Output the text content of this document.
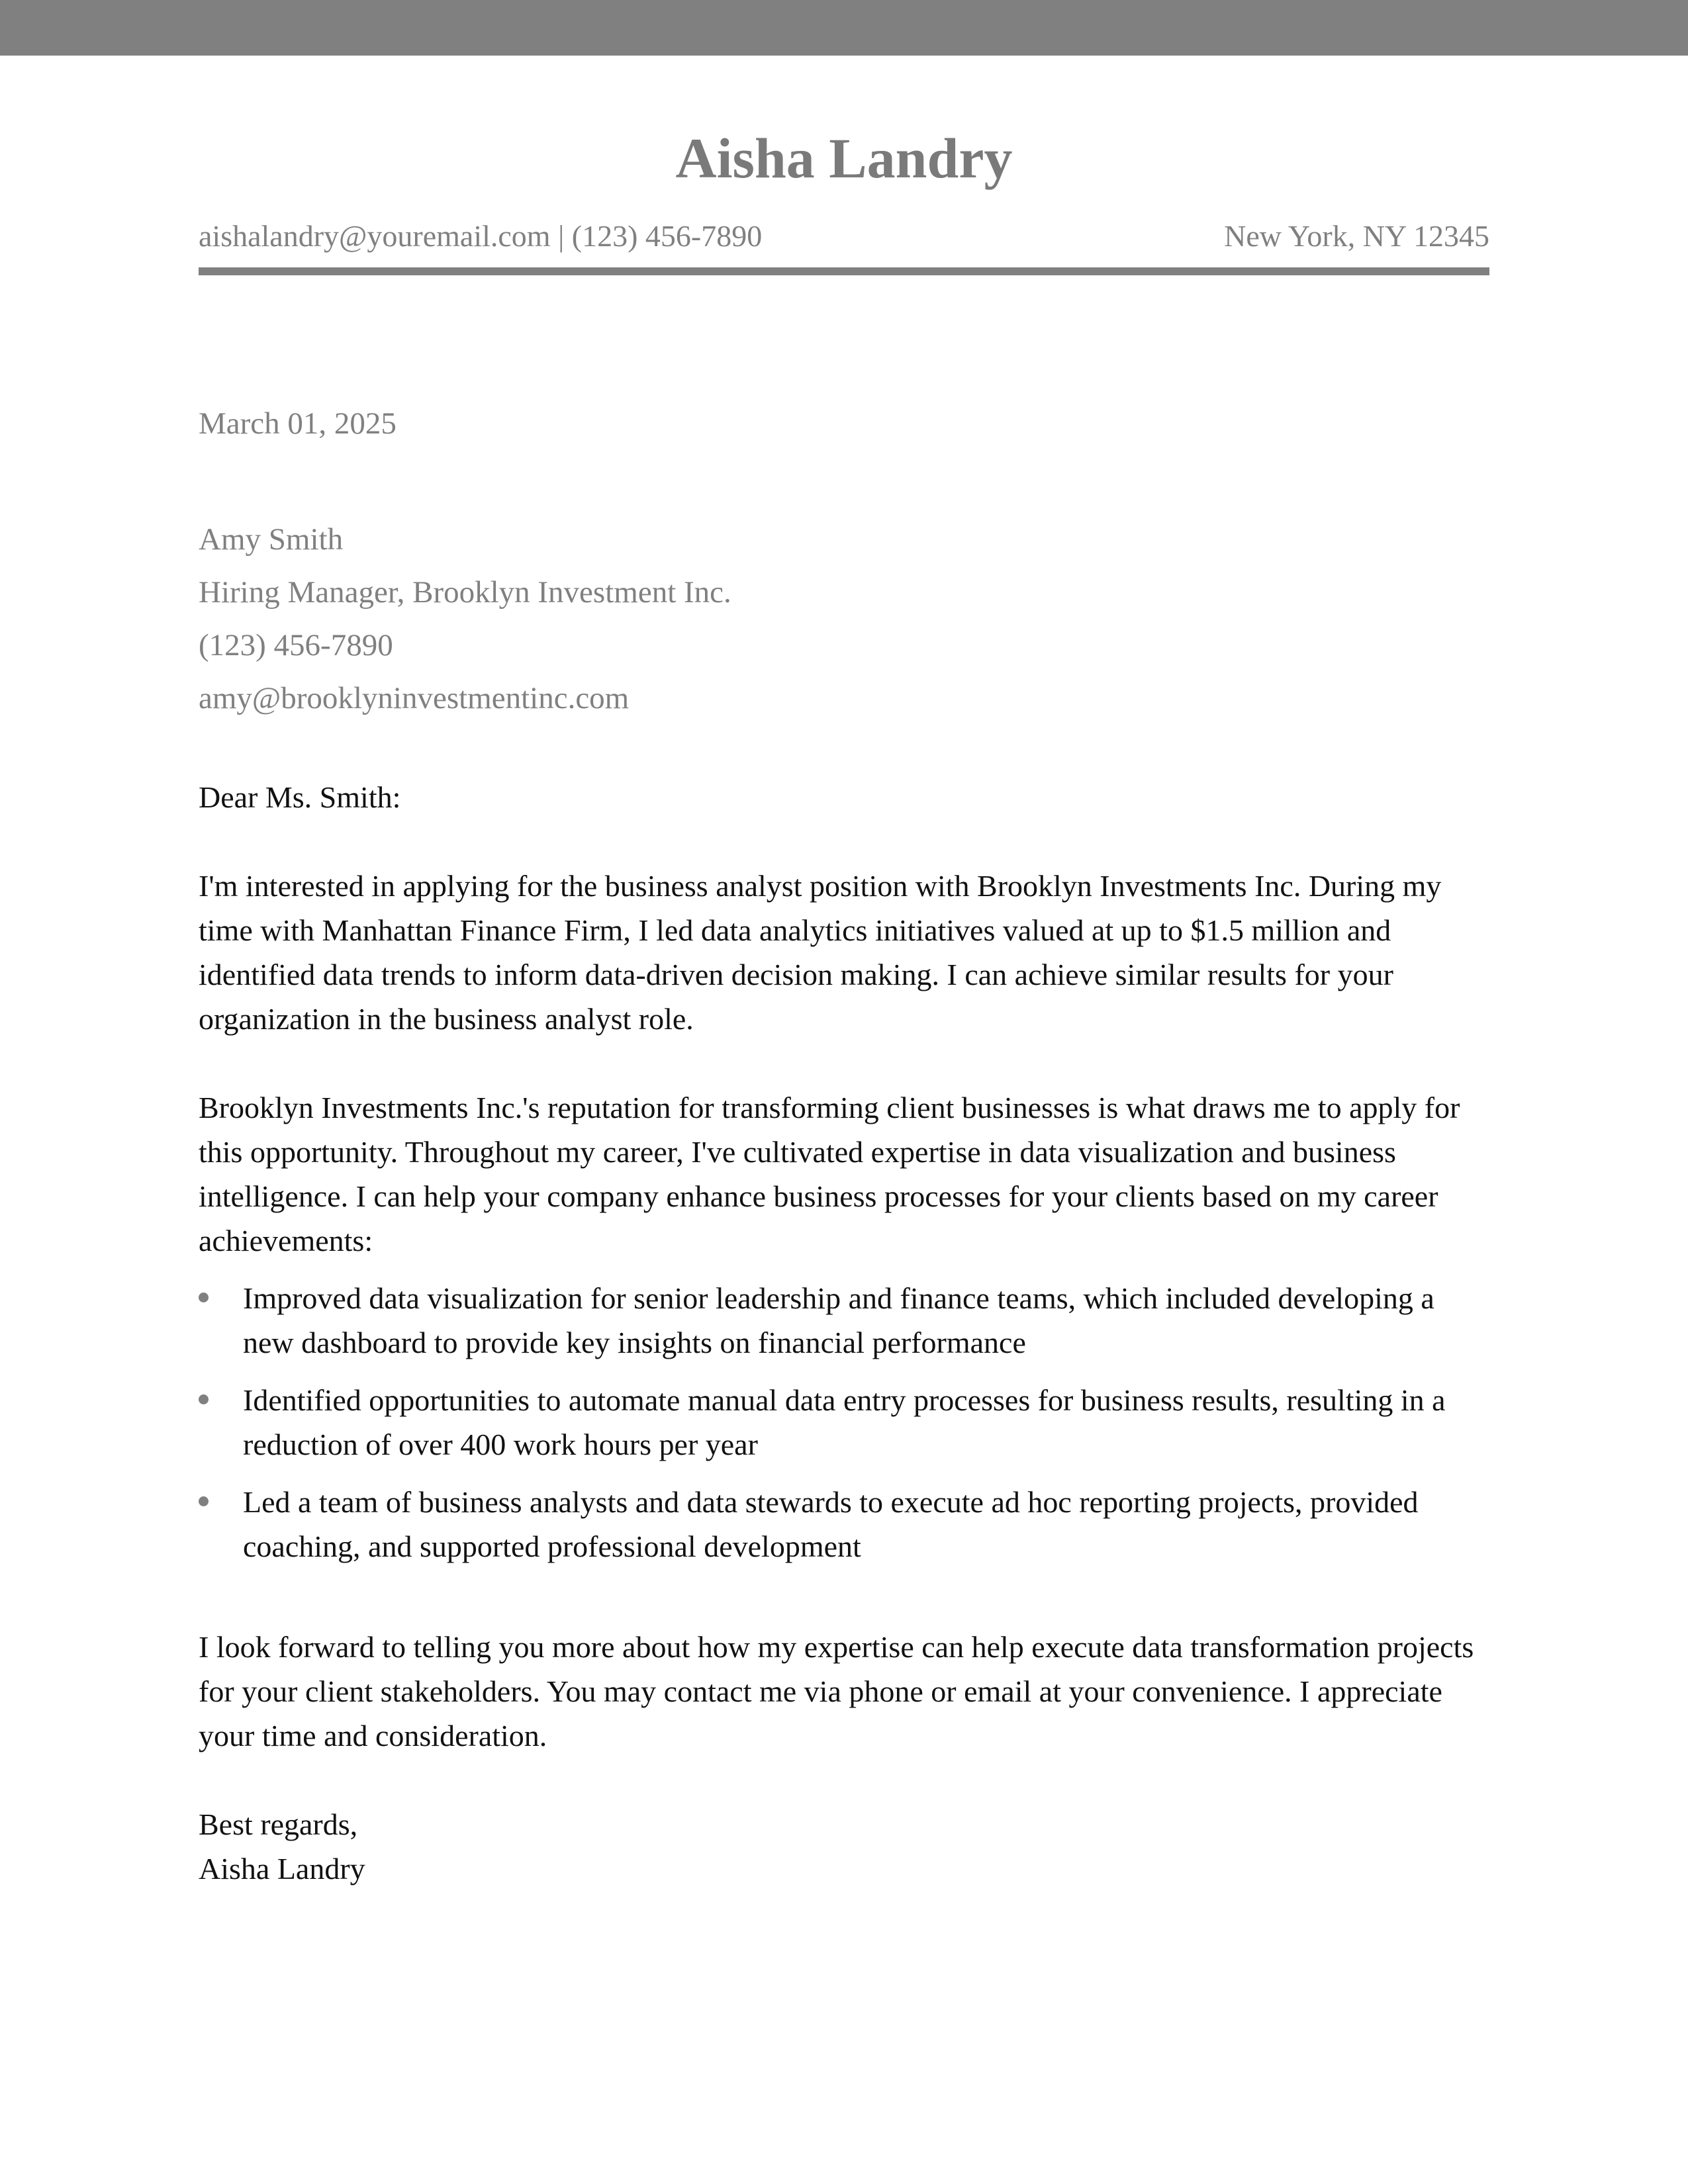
Aisha Landry
aishalandry@youremail.com | (123) 456-7890	New York, NY 12345
March 01, 2025
Amy Smith
Hiring Manager, Brooklyn Investment Inc.
(123) 456-7890
amy@brooklyninvestmentinc.com
Dear Ms. Smith:
I'm interested in applying for the business analyst position with Brooklyn Investments Inc. During my time with Manhattan Finance Firm, I led data analytics initiatives valued at up to $1.5 million and identified data trends to inform data-driven decision making. I can achieve similar results for your organization in the business analyst role.
Brooklyn Investments Inc.'s reputation for transforming client businesses is what draws me to apply for this opportunity. Throughout my career, I've cultivated expertise in data visualization and business intelligence. I can help your company enhance business processes for your clients based on my career achievements:
Improved data visualization for senior leadership and finance teams, which included developing a new dashboard to provide key insights on financial performance
Identified opportunities to automate manual data entry processes for business results, resulting in a reduction of over 400 work hours per year
Led a team of business analysts and data stewards to execute ad hoc reporting projects, provided coaching, and supported professional development
I look forward to telling you more about how my expertise can help execute data transformation projects for your client stakeholders. You may contact me via phone or email at your convenience. I appreciate your time and consideration.
Best regards,
Aisha Landry
